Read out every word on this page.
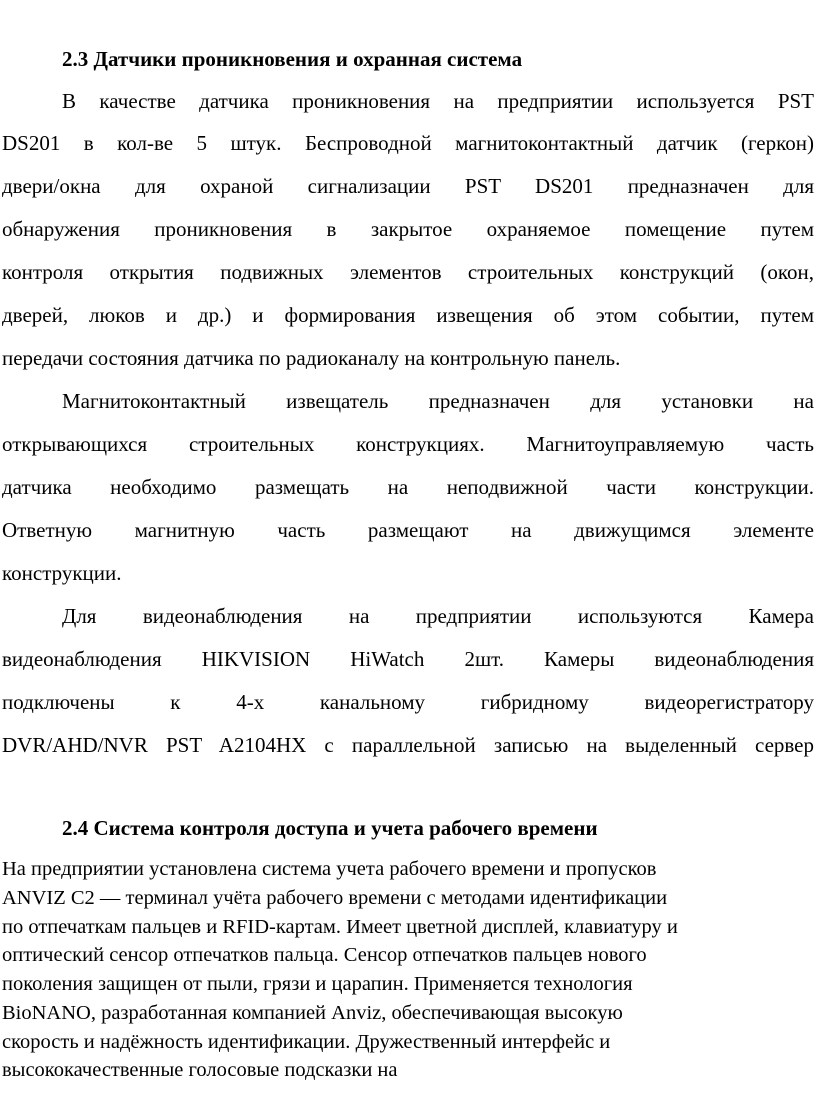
2.3 Датчики проникновения и охранная система
В качестве датчика проникновения на предприятии используется PST
DS201 в кол-ве 5 штук. Беспроводной магнитоконтактный датчик (геркон)
двери/окна для охраной сигнализации PST DS201 предназначен для
обнаружения проникновения в закрытое охраняемое помещение путем
контроля открытия подвижных элементов строительных конструкций (окон,
дверей, люков и др.) и формирования извещения об этом событии, путем
передачи состояния датчика по радиоканалу на контрольную панель.
Магнитоконтактный извещатель предназначен для установки на
открывающихся строительных конструкциях. Магнитоуправляемую часть
датчика необходимо размещать на неподвижной части конструкции.
Ответную магнитную часть размещают на движущимся элементе
конструкции.
Для видеонаблюдения на предприятии используются Камера
видеонаблюдения HIKVISION HiWatch 2шт. Камеры видеонаблюдения
подключены к 4-х канальному гибридному видеорегистратору
DVR/AHD/NVR PST A2104HX с параллельной записью на выделенный сервер
2.4 Система контроля доступа и учета рабочего времени
На предприятии установлена система учета рабочего времени и пропусков
ANVIZ C2 — терминал учёта рабочего времени с методами идентификации
по отпечаткам пальцев и RFID-картам. Имеет цветной дисплей, клавиатуру и
оптический сенсор отпечатков пальца. Сенсор отпечатков пальцев нового
поколения защищен от пыли, грязи и царапин. Применяется технология
BioNANO, разработанная компанией Anviz, обеспечивающая высокую
скорость и надёжность идентификации. Дружественный интерфейс и
высококачественные голосовые подсказки на
